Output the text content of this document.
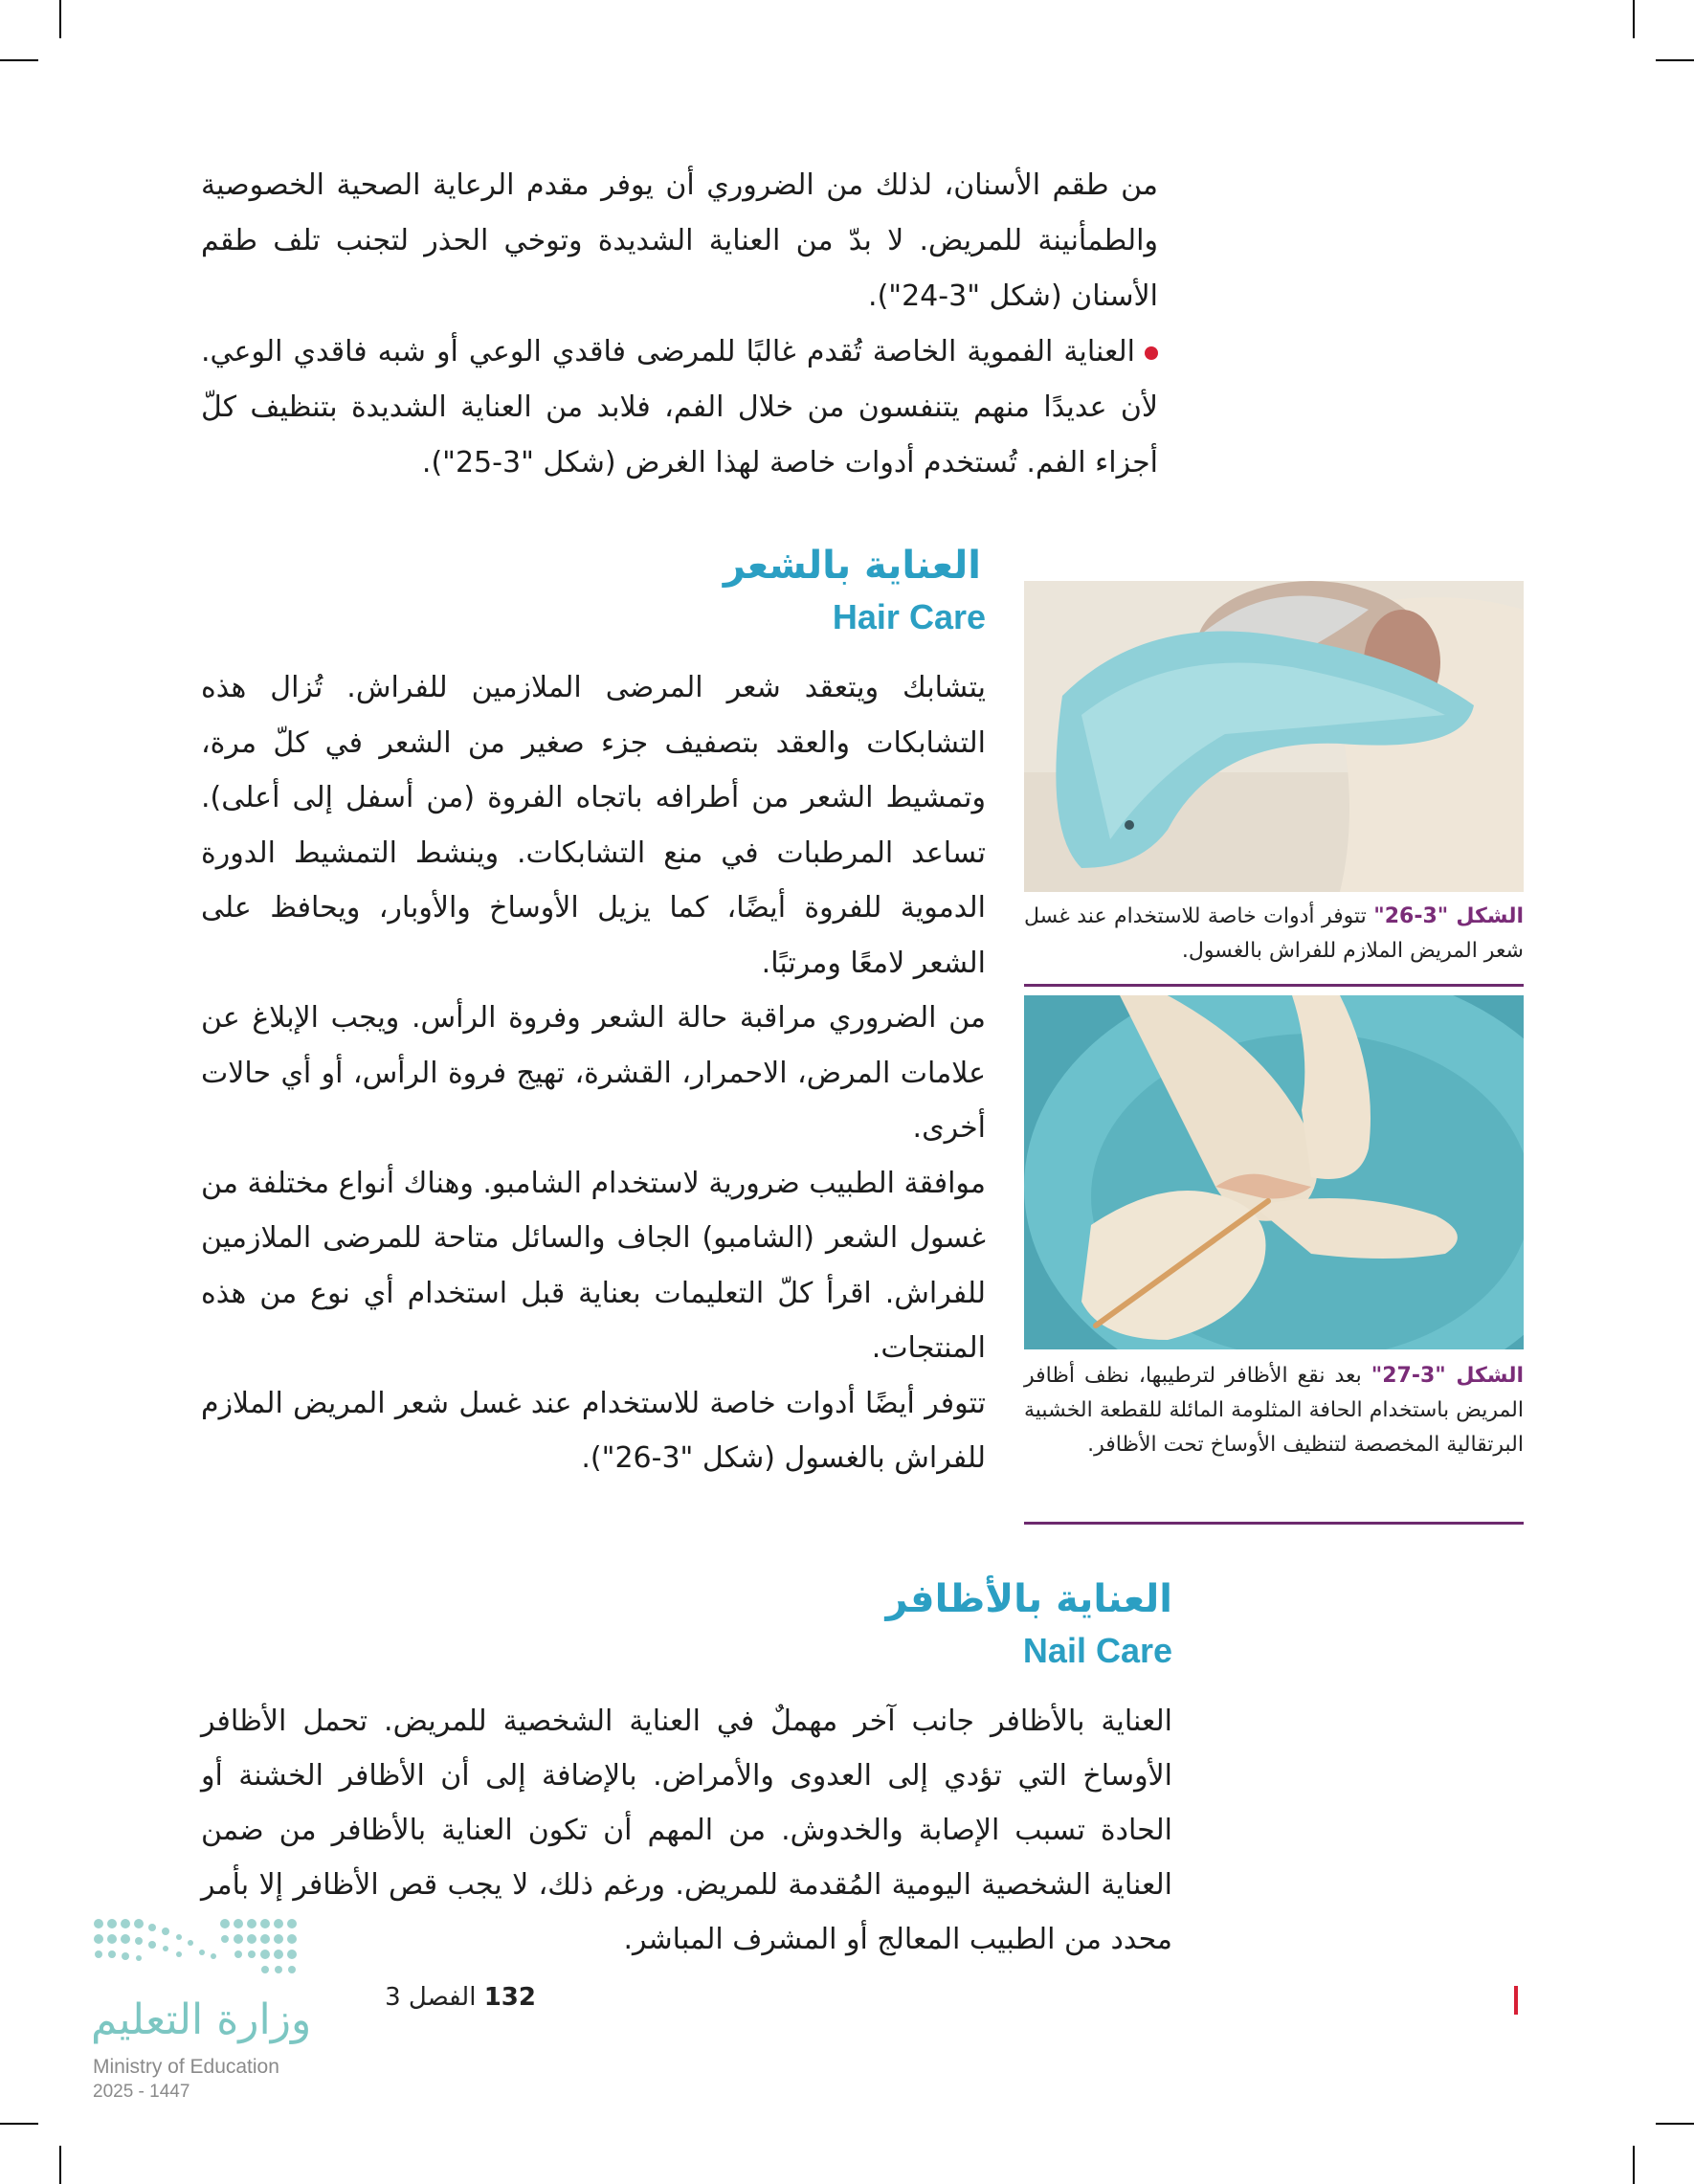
من طقم الأسنان، لذلك من الضروري أن يوفر مقدم الرعاية الصحية الخصوصية والطمأنينة للمريض. لا بدّ من العناية الشديدة وتوخي الحذر لتجنب تلف طقم الأسنان (شكل "3-24").

العناية الفموية الخاصة تُقدم غالبًا للمرضى فاقدي الوعي أو شبه فاقدي الوعي. لأن عديدًا منهم يتنفسون من خلال الفم، فلابد من العناية الشديدة بتنظيف كلّ أجزاء الفم. تُستخدم أدوات خاصة لهذا الغرض (شكل "3-25").

العناية بالشعر
Hair Care

يتشابك ويتعقد شعر المرضى الملازمين للفراش. تُزال هذه التشابكات والعقد بتصفيف جزء صغير من الشعر في كلّ مرة، وتمشيط الشعر من أطرافه باتجاه الفروة (من أسفل إلى أعلى). تساعد المرطبات في منع التشابكات. وينشط التمشيط الدورة الدموية للفروة أيضًا، كما يزيل الأوساخ والأوبار، ويحافظ على الشعر لامعًا ومرتبًا.

من الضروري مراقبة حالة الشعر وفروة الرأس. ويجب الإبلاغ عن علامات المرض، الاحمرار، القشرة، تهيج فروة الرأس، أو أي حالات أخرى.

موافقة الطبيب ضرورية لاستخدام الشامبو. وهناك أنواع مختلفة من غسول الشعر (الشامبو) الجاف والسائل متاحة للمرضى الملازمين للفراش. اقرأ كلّ التعليمات بعناية قبل استخدام أي نوع من هذه المنتجات.

تتوفر أيضًا أدوات خاصة للاستخدام عند غسل شعر المريض الملازم للفراش بالغسول (شكل "3-26").

الشكل "3-26" تتوفر أدوات خاصة للاستخدام عند غسل شعر المريض الملازم للفراش بالغسول.
الشكل "3-27" بعد نقع الأظافر لترطيبها، نظف أظافر المريض باستخدام الحافة المثلومة المائلة للقطعة الخشبية البرتقالية المخصصة لتنظيف الأوساخ تحت الأظافر.
العناية بالأظافر
Nail Care

العناية بالأظافر جانب آخر مهملٌ في العناية الشخصية للمريض. تحمل الأظافر الأوساخ التي تؤدي إلى العدوى والأمراض. بالإضافة إلى أن الأظافر الخشنة أو الحادة تسبب الإصابة والخدوش. من المهم أن تكون العناية بالأظافر من ضمن العناية الشخصية اليومية المُقدمة للمريض. ورغم ذلك، لا يجب قص الأظافر إلا بأمر محدد من الطبيب المعالج أو المشرف المباشر.

132 الفصل 3
وزارة التعليم
Ministry of Education
2025 - 1447
